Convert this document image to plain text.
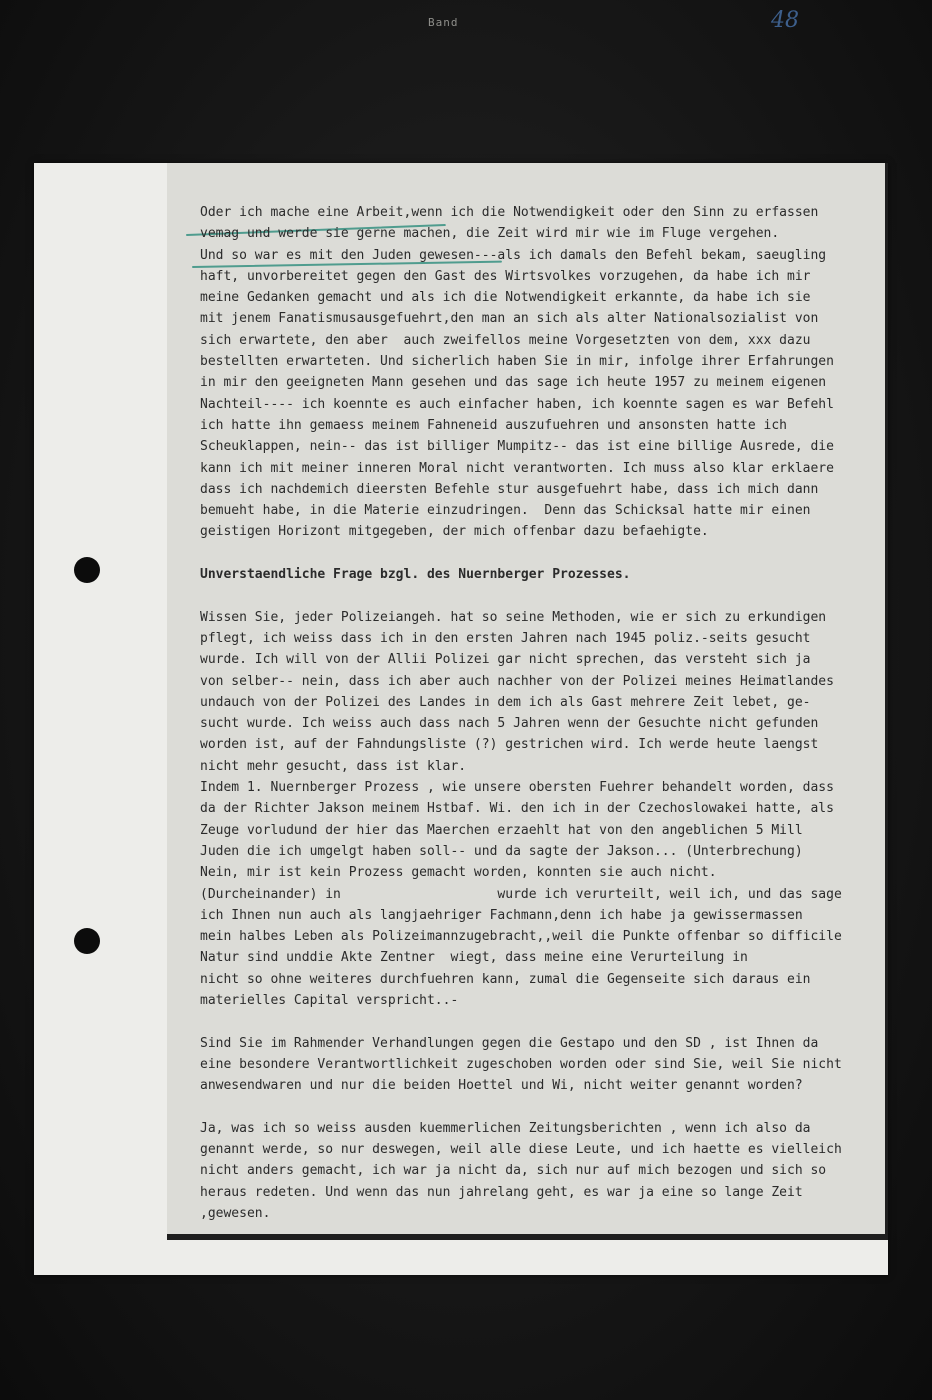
Band	48
Oder ich mache eine Arbeit,wenn ich die Notwendigkeit oder den Sinn zu erfassen
vemag und werde sie gerne machen, die Zeit wird mir wie im Fluge vergehen.
Und so war es mit den Juden gewesen---als ich damals den Befehl bekam, saeugling
haft, unvorbereitet gegen den Gast des Wirtsvolkes vorzugehen, da habe ich mir
meine Gedanken gemacht und als ich die Notwendigkeit erkannte, da habe ich sie
mit jenem Fanatismusausgefuehrt,den man an sich als alter Nationalsozialist von
sich erwartete, den aber  auch zweifellos meine Vorgesetzten von dem, xxx dazu
bestellten erwarteten. Und sicherlich haben Sie in mir, infolge ihrer Erfahrungen
in mir den geeigneten Mann gesehen und das sage ich heute 1957 zu meinem eigenen
Nachteil---- ich koennte es auch einfacher haben, ich koennte sagen es war Befehl
ich hatte ihn gemaess meinem Fahneneid auszufuehren und ansonsten hatte ich
Scheuklappen, nein-- das ist billiger Mumpitz-- das ist eine billige Ausrede, die
kann ich mit meiner inneren Moral nicht verantworten. Ich muss also klar erklaere
dass ich nachdemich dieersten Befehle stur ausgefuehrt habe, dass ich mich dann
bemueht habe, in die Materie einzudringen.  Denn das Schicksal hatte mir einen
geistigen Horizont mitgegeben, der mich offenbar dazu befaehigte.
Unverstaendliche Frage bzgl. des Nuernberger Prozesses.
Wissen Sie, jeder Polizeiangeh. hat so seine Methoden, wie er sich zu erkundigen
pflegt, ich weiss dass ich in den ersten Jahren nach 1945 poliz.-seits gesucht
wurde. Ich will von der Allii Polizei gar nicht sprechen, das versteht sich ja
von selber-- nein, dass ich aber auch nachher von der Polizei meines Heimatlandes
undauch von der Polizei des Landes in dem ich als Gast mehrere Zeit lebet, ge-
sucht wurde. Ich weiss auch dass nach 5 Jahren wenn der Gesuchte nicht gefunden
worden ist, auf der Fahndungsliste (?) gestrichen wird. Ich werde heute laengst
nicht mehr gesucht, dass ist klar.
Indem 1. Nuernberger Prozess , wie unsere obersten Fuehrer behandelt worden, dass
da der Richter Jakson meinem Hstbaf. Wi. den ich in der Czechoslowakei hatte, als
Zeuge vorludund der hier das Maerchen erzaehlt hat von den angeblichen 5 Mill
Juden die ich umgelgt haben soll-- und da sagte der Jakson... (Unterbrechung)
Nein, mir ist kein Prozess gemacht worden, konnten sie auch nicht.
(Durcheinander) in                    wurde ich verurteilt, weil ich, und das sage
ich Ihnen nun auch als langjaehriger Fachmann,denn ich habe ja gewissermassen
mein halbes Leben als Polizeimannzugebracht,,weil die Punkte offenbar so difficile
Natur sind unddie Akte Zentner  wiegt, dass meine eine Verurteilung in
nicht so ohne weiteres durchfuehren kann, zumal die Gegenseite sich daraus ein
materielles Capital verspricht..-
Sind Sie im Rahmender Verhandlungen gegen die Gestapo und den SD , ist Ihnen da
eine besondere Verantwortlichkeit zugeschoben worden oder sind Sie, weil Sie nicht
anwesendwaren und nur die beiden Hoettel und Wi, nicht weiter genannt worden?
Ja, was ich so weiss ausden kuemmerlichen Zeitungsberichten , wenn ich also da
genannt werde, so nur deswegen, weil alle diese Leute, und ich haette es vielleich
nicht anders gemacht, ich war ja nicht da, sich nur auf mich bezogen und sich so
heraus redeten. Und wenn das nun jahrelang geht, es war ja eine so lange Zeit
,gewesen.
